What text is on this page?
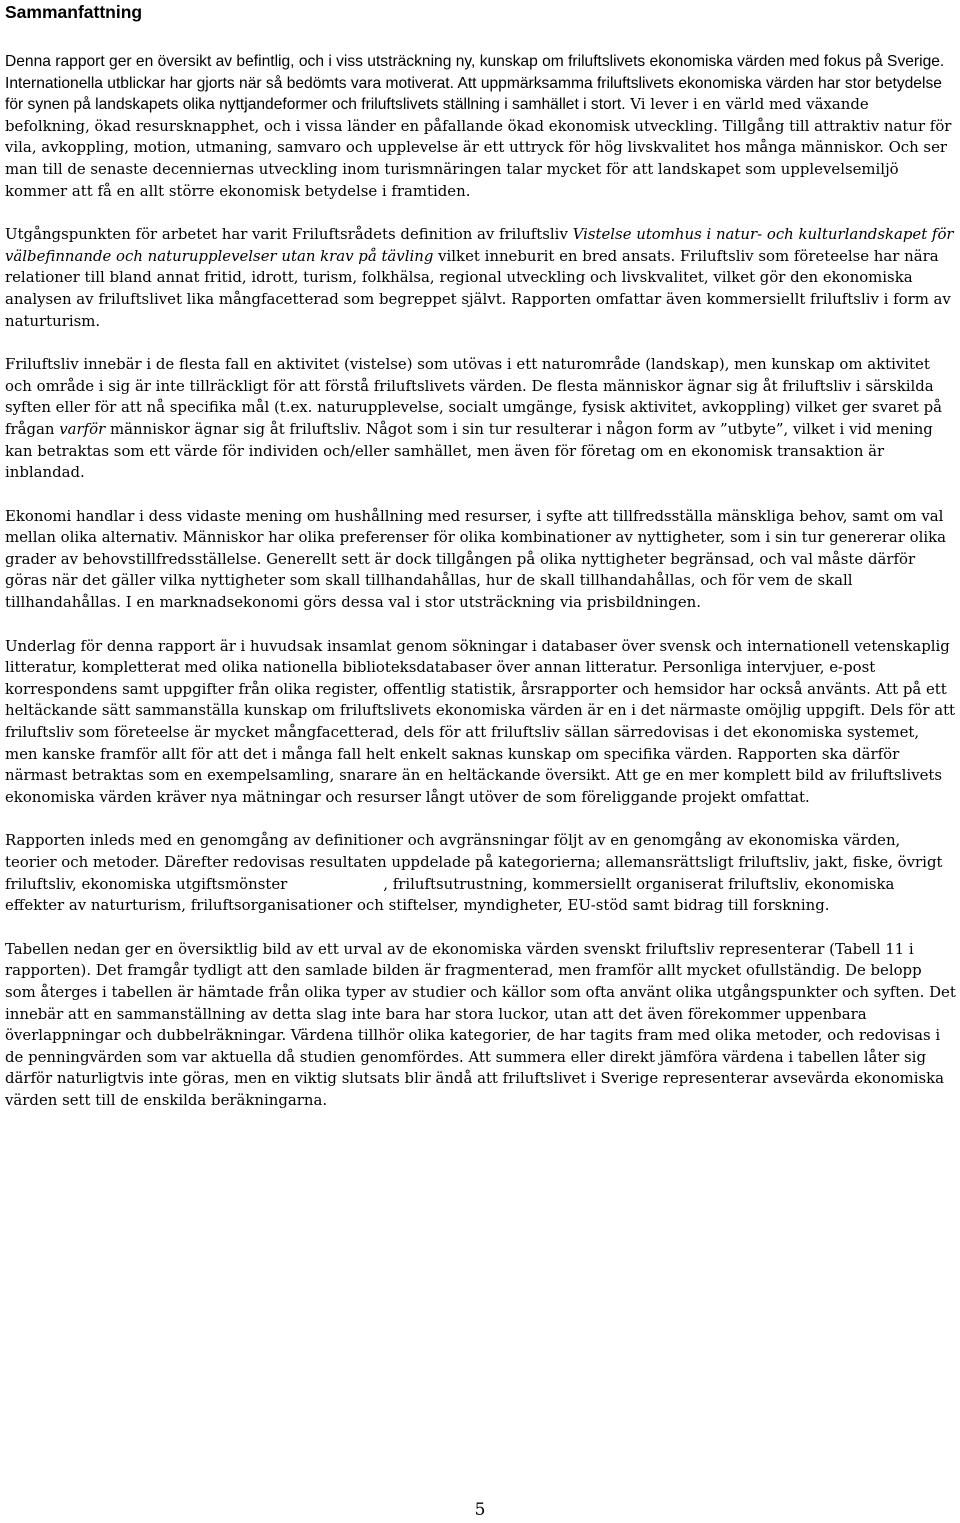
Sammanfattning

Denna rapport ger en översikt av befintlig, och i viss utsträckning ny, kunskap om friluftslivets ekonomiska värden med fokus på Sverige. Internationella utblickar har gjorts när så bedömts vara motiverat. Att uppmärksamma friluftslivets ekonomiska värden har stor betydelse för synen på landskapets olika nyttjandeformer och friluftslivets ställning i samhället i stort. Vi lever i en värld med växande befolkning, ökad resursknapphet, och i vissa länder en påfallande ökad ekonomisk utveckling. Tillgång till attraktiv natur för vila, avkoppling, motion, utmaning, samvaro och upplevelse är ett uttryck för hög livskvalitet hos många människor. Och ser man till de senaste decenniernas utveckling inom turismnäringen talar mycket för att landskapet som upplevelsemiljö kommer att få en allt större ekonomisk betydelse i framtiden.

Utgångspunkten för arbetet har varit Friluftsrådets definition av friluftsliv Vistelse utomhus i natur- och kulturlandskapet för välbefinnande och naturupplevelser utan krav på tävling vilket inneburit en bred ansats. Friluftsliv som företeelse har nära relationer till bland annat fritid, idrott, turism, folkhälsa, regional utveckling och livskvalitet, vilket gör den ekonomiska analysen av friluftslivet lika mångfacetterad som begreppet självt. Rapporten omfattar även kommersiellt friluftsliv i form av naturturism.

Friluftsliv innebär i de flesta fall en aktivitet (vistelse) som utövas i ett naturområde (landskap), men kunskap om aktivitet och område i sig är inte tillräckligt för att förstå friluftslivets värden. De flesta människor ägnar sig åt friluftsliv i särskilda syften eller för att nå specifika mål (t.ex. naturupplevelse, socialt umgänge, fysisk aktivitet, avkoppling) vilket ger svaret på frågan varför människor ägnar sig åt friluftsliv. Något som i sin tur resulterar i någon form av ”utbyte”, vilket i vid mening kan betraktas som ett värde för individen och/eller samhället, men även för företag om en ekonomisk transaktion är inblandad.

Ekonomi handlar i dess vidaste mening om hushållning med resurser, i syfte att tillfredsställa mänskliga behov, samt om val mellan olika alternativ. Människor har olika preferenser för olika kombinationer av nyttigheter, som i sin tur genererar olika grader av behovstillfredsställelse. Generellt sett är dock tillgången på olika nyttigheter begränsad, och val måste därför göras när det gäller vilka nyttigheter som skall tillhandahållas, hur de skall tillhandahållas, och för vem de skall tillhandahållas. I en marknadsekonomi görs dessa val i stor utsträckning via prisbildningen.

Underlag för denna rapport är i huvudsak insamlat genom sökningar i databaser över svensk och internationell vetenskaplig litteratur, kompletterat med olika nationella biblioteksdatabaser över annan litteratur. Personliga intervjuer, e-post korrespondens samt uppgifter från olika register, offentlig statistik, årsrapporter och hemsidor har också använts. Att på ett heltäckande sätt sammanställa kunskap om friluftslivets ekonomiska värden är en i det närmaste omöjlig uppgift. Dels för att friluftsliv som företeelse är mycket mångfacetterad, dels för att friluftsliv sällan särredovisas i det ekonomiska systemet, men kanske framför allt för att det i många fall helt enkelt saknas kunskap om specifika värden. Rapporten ska därför närmast betraktas som en exempelsamling, snarare än en heltäckande översikt. Att ge en mer komplett bild av friluftslivets ekonomiska värden kräver nya mätningar och resurser långt utöver de som föreliggande projekt omfattat.

Rapporten inleds med en genomgång av definitioner och avgränsningar följt av en genomgång av ekonomiska värden, teorier och metoder. Därefter redovisas resultaten uppdelade på kategorierna; allemansrättsligt friluftsliv, jakt, fiske, övrigt friluftsliv, ekonomiska utgiftsmönster	, friluftsutrustning, kommersiellt organiserat friluftsliv, ekonomiska effekter av naturturism, friluftsorganisationer och stiftelser, myndigheter, EU-stöd samt bidrag till forskning.

Tabellen nedan ger en översiktlig bild av ett urval av de ekonomiska värden svenskt friluftsliv representerar (Tabell 11 i rapporten). Det framgår tydligt att den samlade bilden är fragmenterad, men framför allt mycket ofullständig. De belopp som återges i tabellen är hämtade från olika typer av studier och källor som ofta använt olika utgångspunkter och syften. Det innebär att en sammanställning av detta slag inte bara har stora luckor, utan att det även förekommer uppenbara överlappningar och dubbelräkningar. Värdena tillhör olika kategorier, de har tagits fram med olika metoder, och redovisas i de penningvärden som var aktuella då studien genomfördes. Att summera eller direkt jämföra värdena i tabellen låter sig därför naturligtvis inte göras, men en viktig slutsats blir ändå att friluftslivet i Sverige representerar avsevärda ekonomiska värden sett till de enskilda beräkningarna.

5
